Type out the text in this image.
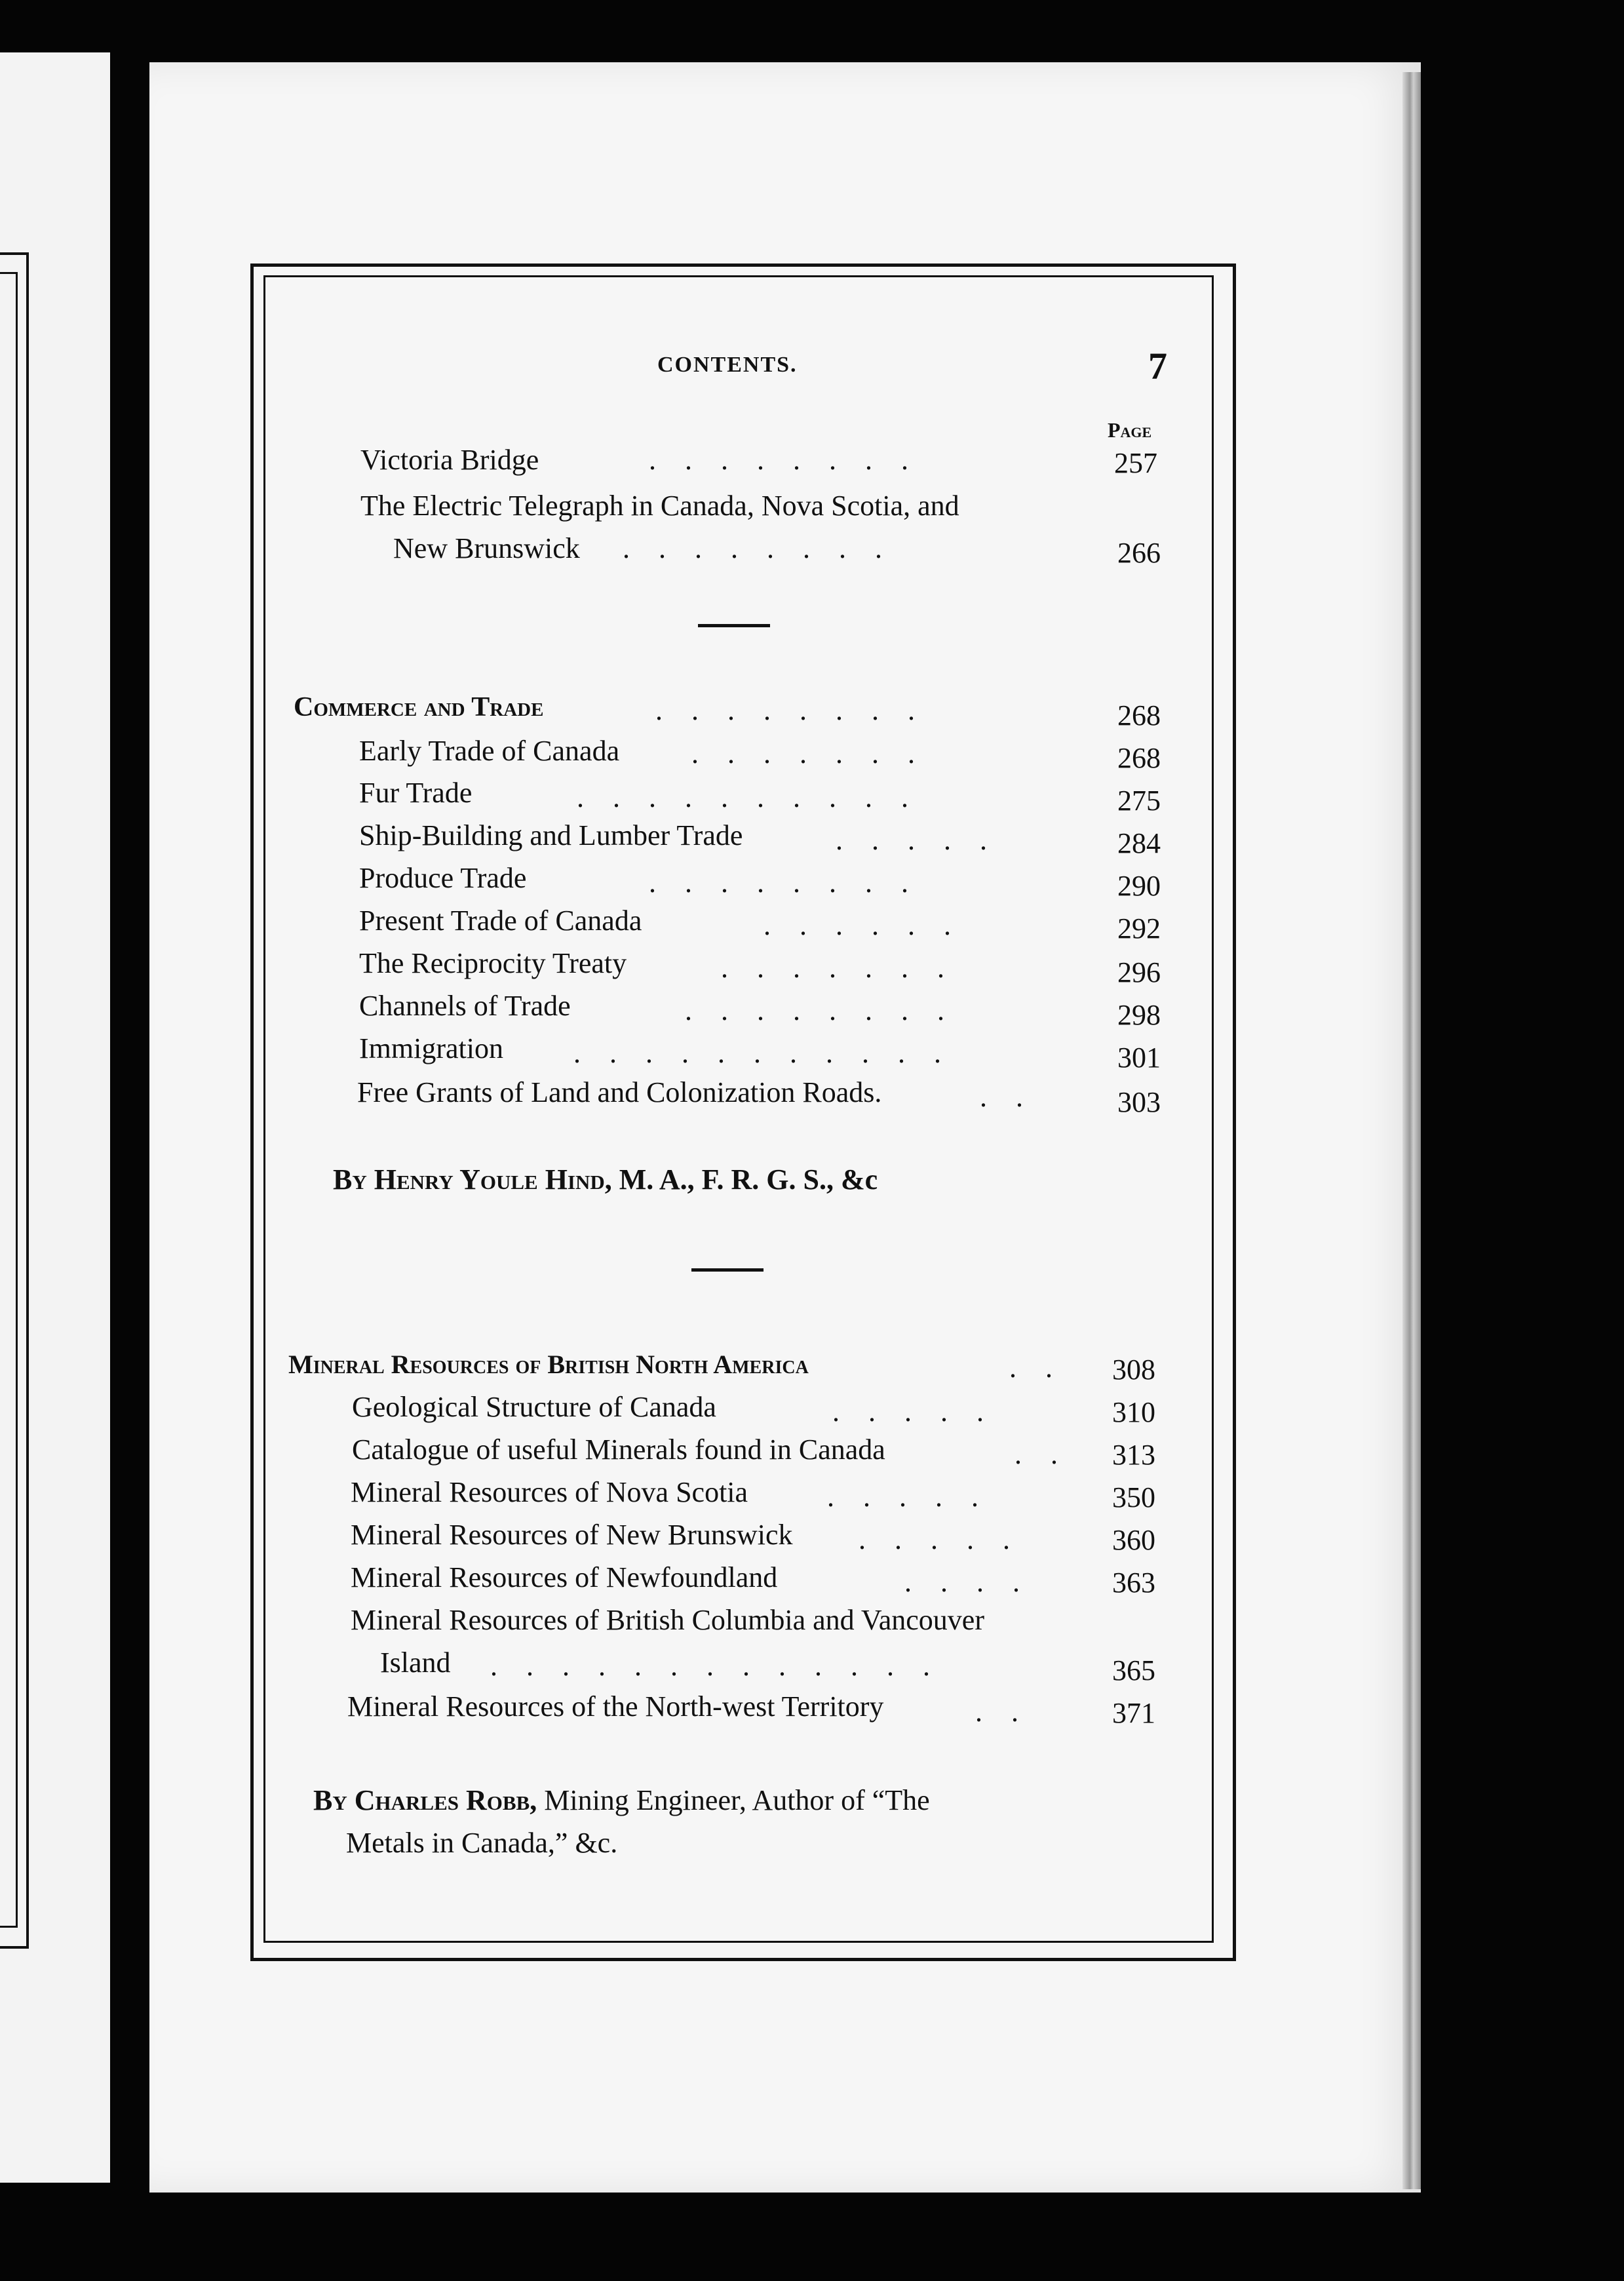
CONTENTS.	7
Page
Victoria Bridge	.    .    .    .    .    .    .    .	257
The Electric Telegraph in Canada, Nova Scotia, and
New Brunswick .    .    .    .    .    .    .    .	266
Commerce and Trade	.    .    .    .    .    .    .    .	268
Early Trade of Canada .    .    .    .    .    .    .	268
Fur Trade	.    .    .    .    .    .    .    .    .    .	275
Ship-Building and Lumber Trade	.    .    .    .    .	284
Produce Trade	.    .    .    .    .    .    .    .	290
Present Trade of Canada	.    .    .    .    .    .	292
The Reciprocity Treaty	.    .    .    .    .    .    .	296
Channels of Trade	.    .    .    .    .    .    .    .	298
Immigration .    .    .    .    .    .    .    .    .    .    .	301
Free Grants of Land and Colonization Roads.	.    .	303
By Henry Youle Hind, M. A., F. R. G. S., &c
Mineral Resources of British North America	.    . 308
Geological Structure of Canada	.    .    .    .    .	310
Catalogue of useful Minerals found in Canada	.    . 313
Mineral Resources of Nova Scotia	.    .    .    .    .	350
Mineral Resources of New Brunswick .    .    .    .    .	360
Mineral Resources of Newfoundland	.    .    .    .	363
Mineral Resources of British Columbia and Vancouver
Island .    .    .    .    .    .    .    .    .    .    .    .    .	365
Mineral Resources of the North-west Territory	.    .	371
By Charles Robb, Mining Engineer, Author of “The
Metals in Canada,” &c.
